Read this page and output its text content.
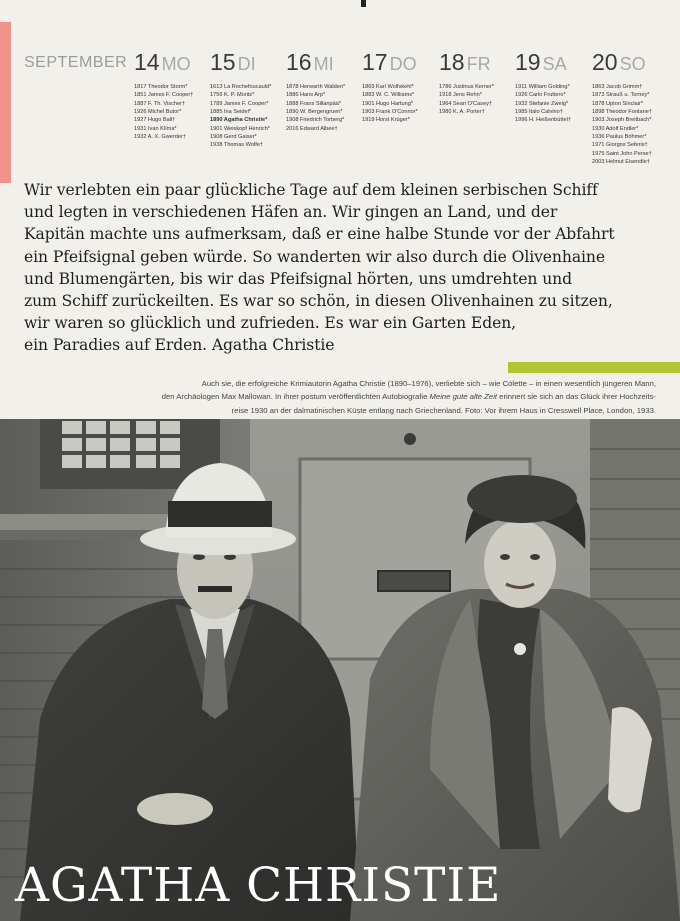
SEPTEMBER 14 MO
1817 Theodor Storm*
1851 James F. Cooper†
1887 F. Th. Vischer†
1926 Michel Butor*
1927 Hugo Ball†
1931 Ivan Klíma*
1932 A. X. Gwerder†
15 DI
1613 La Rochefoucauld*
1756 K. P. Moritz*
1789 James F. Cooper*
1885 Ina Seidel*
1890 Agatha Christie*
1901 Weiskopf Henrich*
1908 Gerd Gaiser*
1938 Thomas Wolfe†
16 MI
1878 Herwarth Walden*
1886 Hans Arp*
1888 Frans Sillanpää*
1890 W. Bergengruen*
1908 Friedrich Torberg*
2016 Edward Albee†
17 DO
1869 Karl Wolfskehl*
1883 W. C. Williams*
1901 Hugo Hartung*
1903 Frank O'Connor*
1919 Horst Krüger*
18 FR
1786 Justinus Kerner*
1918 Jens Rehn*
1964 Sean O'Casey†
1980 K. A. Porter†
19 SA
1911 William Golding*
1926 Carlo Fruttero*
1932 Stefanie Zweig*
1985 Italo Calvino†
1996 H. Heißenbüttel†
20 SO
1863 Jacob Grimm†
1873 Strauß u. Torney*
1878 Upton Sinclair*
1898 Theodor Fontane†
1903 Joseph Breitbach*
1930 Adolf Endler*
1936 Paulus Böhmer*
1971 Giorgos Seferis†
1975 Saint John Perse†
2003 Helmut Eisendle†
Wir verlebten ein paar glückliche Tage auf dem kleinen serbischen Schiff
und legten in verschiedenen Häfen an. Wir gingen an Land, und der
Kapitän machte uns aufmerksam, daß er eine halbe Stunde vor der Abfahrt
ein Pfeifsignal geben würde. So wanderten wir also durch die Olivenhaine
und Blumengärten, bis wir das Pfeifsignal hörten, uns umdrehten und
zum Schiff zurückeilten. Es war so schön, in diesen Olivenhainen zu sitzen,
wir waren so glücklich und zufrieden. Es war ein Garten Eden,
ein Paradies auf Erden. Agatha Christie
Auch sie, die erfolgreiche Krimiautorin Agatha Christie (1890–1976), verliebte sich – wie Colette – in einen wesentlich jüngeren Mann,
den Archäologen Max Mallowan. In ihrer postum veröffentlichten Autobiografie Meine gute alte Zeit erinnert sie sich an das Glück ihrer Hochzeits-
reise 1930 an der dalmatinischen Küste entlang nach Griechenland. Foto: Vor ihrem Haus in Cresswell Place, London, 1933.
AGATHA CHRISTIE
